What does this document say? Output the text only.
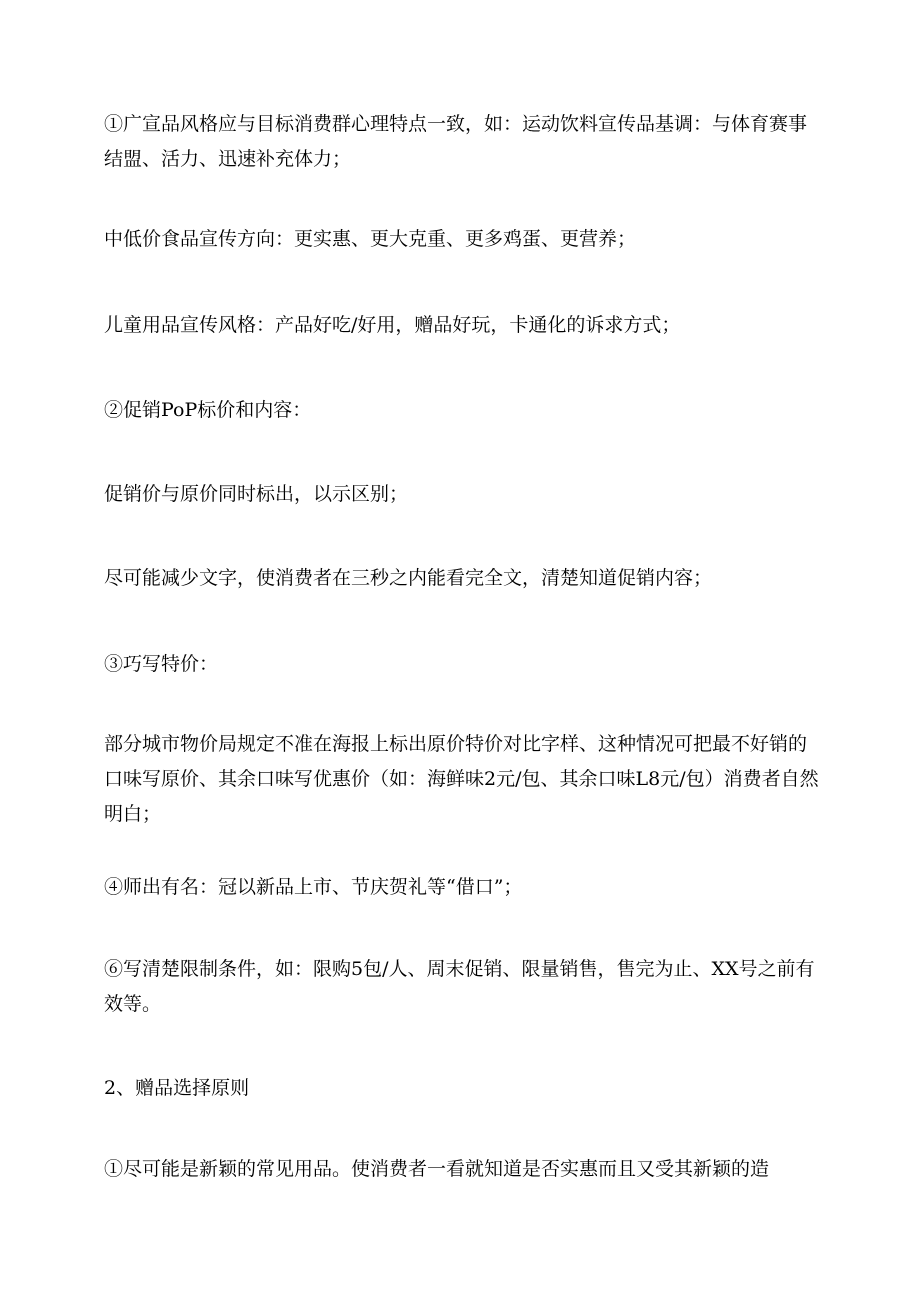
①广宣品风格应与目标消费群心理特点一致，如：运动饮料宣传品基调：与体育赛事结盟、活力、迅速补充体力；

中低价食品宣传方向：更实惠、更大克重、更多鸡蛋、更营养；

儿童用品宣传风格：产品好吃/好用，赠品好玩，卡通化的诉求方式；

②促销PoP标价和内容：

促销价与原价同时标出，以示区别；

尽可能减少文字，使消费者在三秒之内能看完全文，清楚知道促销内容；

③巧写特价：

部分城市物价局规定不准在海报上标出原价特价对比字样、这种情况可把最不好销的口味写原价、其余口味写优惠价（如：海鲜味2元/包、其余口味L8元/包）消费者自然明白；

④师出有名：冠以新品上市、节庆贺礼等“借口”；

⑥写清楚限制条件，如：限购5包/人、周末促销、限量销售，售完为止、XX号之前有效等。

2、赠品选择原则

①尽可能是新颖的常见用品。使消费者一看就知道是否实惠而且又受其新颖的造
